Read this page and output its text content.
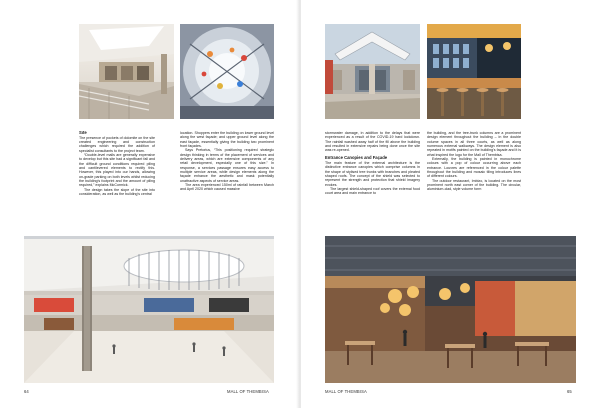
Site

The presence of pockets of dolomite on the site created engineering and construction challenges which required the addition of specialist consultants to the project team.

“Double-level malls are generally expensive to develop but this site had a significant fall and the difficult ground conditions required piling and cantilevered elements to rectify this. However, this played into our hands, allowing on-grade parking on both levels whilst reducing the building’s footprint and the amount of piling required,” explains McCormick.

The design takes the slope of the site into consideration, as well as the building’s central

location. Shoppers enter the building on lower ground level along the west façade; and upper ground level along the east façade, essentially giving the building two prominent front façades.

Says Pretorius, “This positioning required strategic design thinking in terms of the placement of services and delivery areas, which are extensive components of any retail development, especially one of this size.” In response, a services passage ensures easy access to multiple service areas, while design elements along the façade enhance the aesthetic and mask potentially unattractive aspects of service areas.

The area experienced 150ml of rainfall between March and April 2020 which caused massive

64	MALL OF THEMBISA

stormwater damage, in addition to the delays that were experienced as a result of the COVID-19 hard lockdown. The rainfall washed away half of the fill above the building and resulted in extensive repairs being done once the site was re-opened.

Entrance Canopies and Façade

The main feature of the external architecture is the distinctive entrance canopies which comprise columns in the shape of stylised tree trunks with branches and pleated shaped roofs. The concept of the shield was selected to represent the strength and protection that shield imagery evokes.

The largest shield-shaped roof covers the external food court area and main entrance to

the building, and the tree-trunk columns are a prominent design element throughout the building – in the double volume spaces in all three courts, as well as along numerous external walkways. The design element is also repeated in motifs painted on the building’s façade and it is what inspired the logo for the Mall of Thembisa.

Externally, the building is painted in monochrome colours with a pop of colour occurring above each entrance. Louvres are referenced in the colour palette throughout the building and mosaic tiling introduces lines of different colours.

The outdoor restaurant, Imbizo, is located on the most prominent north east corner of the building. The circular, aluminium-clad, style volume form

MALL OF THEMBISA	65
